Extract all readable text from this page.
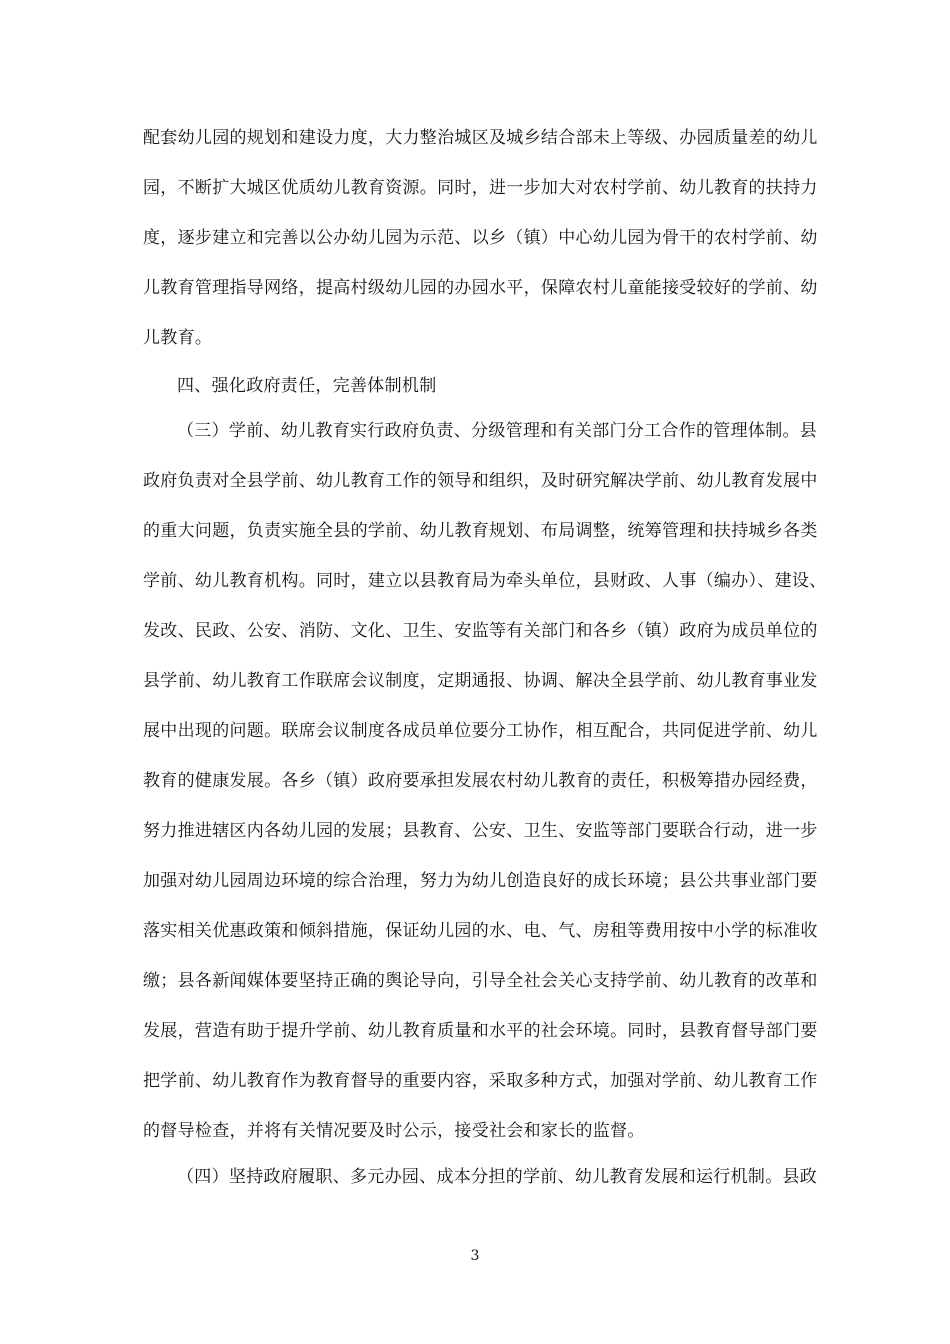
配套幼儿园的规划和建设力度，大力整治城区及城乡结合部未上等级、办园质量差的幼儿
园，不断扩大城区优质幼儿教育资源。同时，进一步加大对农村学前、幼儿教育的扶持力
度，逐步建立和完善以公办幼儿园为示范、以乡（镇）中心幼儿园为骨干的农村学前、幼
儿教育管理指导网络，提高村级幼儿园的办园水平，保障农村儿童能接受较好的学前、幼
儿教育。
四、强化政府责任，完善体制机制
（三）学前、幼儿教育实行政府负责、分级管理和有关部门分工合作的管理体制。县
政府负责对全县学前、幼儿教育工作的领导和组织，及时研究解决学前、幼儿教育发展中
的重大问题，负责实施全县的学前、幼儿教育规划、布局调整，统筹管理和扶持城乡各类
学前、幼儿教育机构。同时，建立以县教育局为牵头单位，县财政、人事（编办）、建设、
发改、民政、公安、消防、文化、卫生、安监等有关部门和各乡（镇）政府为成员单位的
县学前、幼儿教育工作联席会议制度，定期通报、协调、解决全县学前、幼儿教育事业发
展中出现的问题。联席会议制度各成员单位要分工协作，相互配合，共同促进学前、幼儿
教育的健康发展。各乡（镇）政府要承担发展农村幼儿教育的责任，积极筹措办园经费，
努力推进辖区内各幼儿园的发展；县教育、公安、卫生、安监等部门要联合行动，进一步
加强对幼儿园周边环境的综合治理，努力为幼儿创造良好的成长环境；县公共事业部门要
落实相关优惠政策和倾斜措施，保证幼儿园的水、电、气、房租等费用按中小学的标准收
缴；县各新闻媒体要坚持正确的舆论导向，引导全社会关心支持学前、幼儿教育的改革和
发展，营造有助于提升学前、幼儿教育质量和水平的社会环境。同时，县教育督导部门要
把学前、幼儿教育作为教育督导的重要内容，采取多种方式，加强对学前、幼儿教育工作
的督导检查，并将有关情况要及时公示，接受社会和家长的监督。
（四）坚持政府履职、多元办园、成本分担的学前、幼儿教育发展和运行机制。县政
3
